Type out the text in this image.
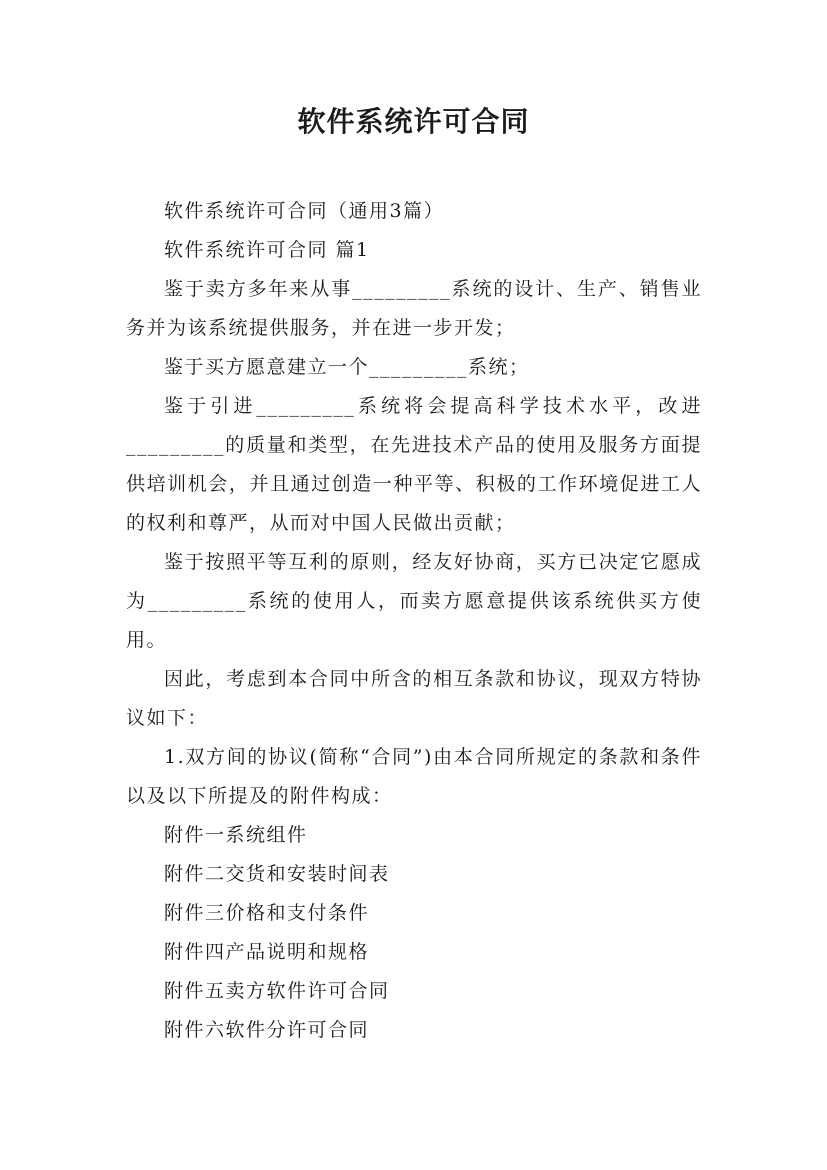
软件系统许可合同

软件系统许可合同（通用3篇）

软件系统许可合同 篇1

鉴于卖方多年来从事_________系统的设计、生产、销售业务并为该系统提供服务，并在进一步开发；

鉴于买方愿意建立一个_________系统；

鉴于引进_________系统将会提高科学技术水平，改进_________的质量和类型，在先进技术产品的使用及服务方面提供培训机会，并且通过创造一种平等、积极的工作环境促进工人的权利和尊严，从而对中国人民做出贡献；

鉴于按照平等互利的原则，经友好协商，买方已决定它愿成为_________系统的使用人，而卖方愿意提供该系统供买方使用。

因此，考虑到本合同中所含的相互条款和协议，现双方特协议如下：

1.双方间的协议(简称“合同”)由本合同所规定的条款和条件以及以下所提及的附件构成：

附件一系统组件

附件二交货和安装时间表

附件三价格和支付条件

附件四产品说明和规格

附件五卖方软件许可合同

附件六软件分许可合同
